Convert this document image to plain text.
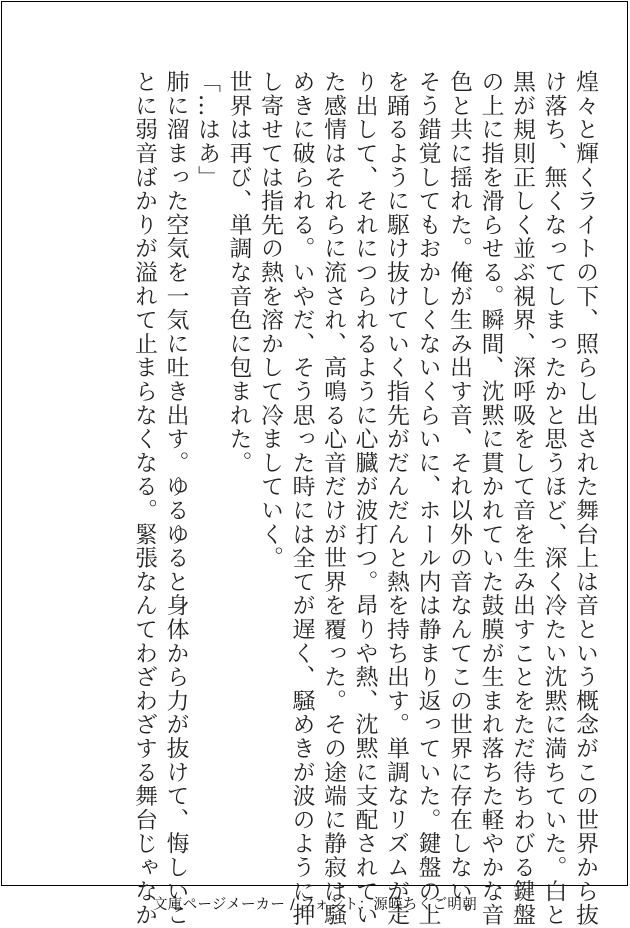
煌々と輝くライトの下、照らし出された舞台上は音という概念がこの世界から抜
け落ち、無くなってしまったかと思うほど、深く冷たい沈黙に満ちていた。白と
黒が規則正しく並ぶ視界、深呼吸をして音を生み出すことをただ待ちわびる鍵盤
の上に指を滑らせる。瞬間、沈黙に貫かれていた鼓膜が生まれ落ちた軽やかな音
色と共に揺れた。俺が生み出す音、それ以外の音なんてこの世界に存在しない。
そう錯覚してもおかしくないくらいに、ホール内は静まり返っていた。鍵盤の上
を踊るように駆け抜けていく指先がだんだんと熱を持ち出す。単調なリズムが走
り出して、それにつられるように心臓が波打つ。昂りや熱、沈黙に支配されてい
た感情はそれらに流され、高鳴る心音だけが世界を覆った。その途端に静寂は騒
めきに破られる。いやだ、そう思った時には全てが遅く、騒めきが波のように押
し寄せては指先の熱を溶かして冷ましていく。
世界は再び、単調な音色に包まれた。
「…はあ」
肺に溜まった空気を一気に吐き出す。ゆるゆると身体から力が抜けて、悔しいこ
とに弱音ばかりが溢れて止まらなくなる。緊張なんてわざわざする舞台じゃなか
文庫ページメーカー / フォント：源暎ちくご明朝
